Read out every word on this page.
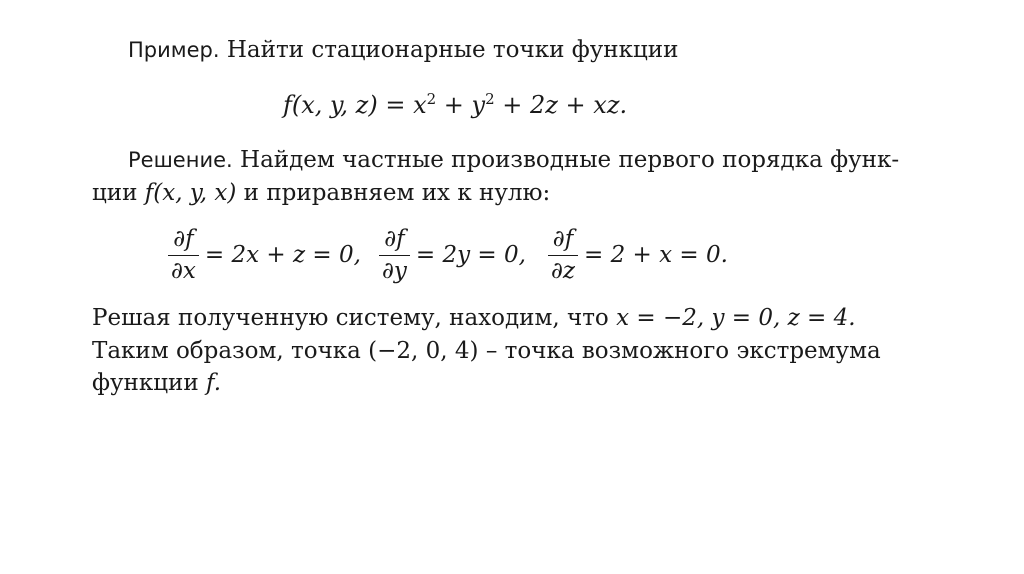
Пример. Найти стационарные точки функции
f(x, y, $z) = x^2 + y^2 + 2z$ + xz.
Решение. Найдем частные производные первого порядка функ-
ции f(x, y, x) и приравняем их к нулю:
$\frac{\partial f}{\partial x} = 2x + z = 0$, $\frac{\partial f}{\partial y} = 2y = 0$, $\frac{\partial f}{\partial z} = 2 + x = 0$.
Решая полученную систему, находим, что x = −2, y = 0, z = 4.
Таким образом, точка (−2, 0, 4) – точка возможного экстремума
функции f.
